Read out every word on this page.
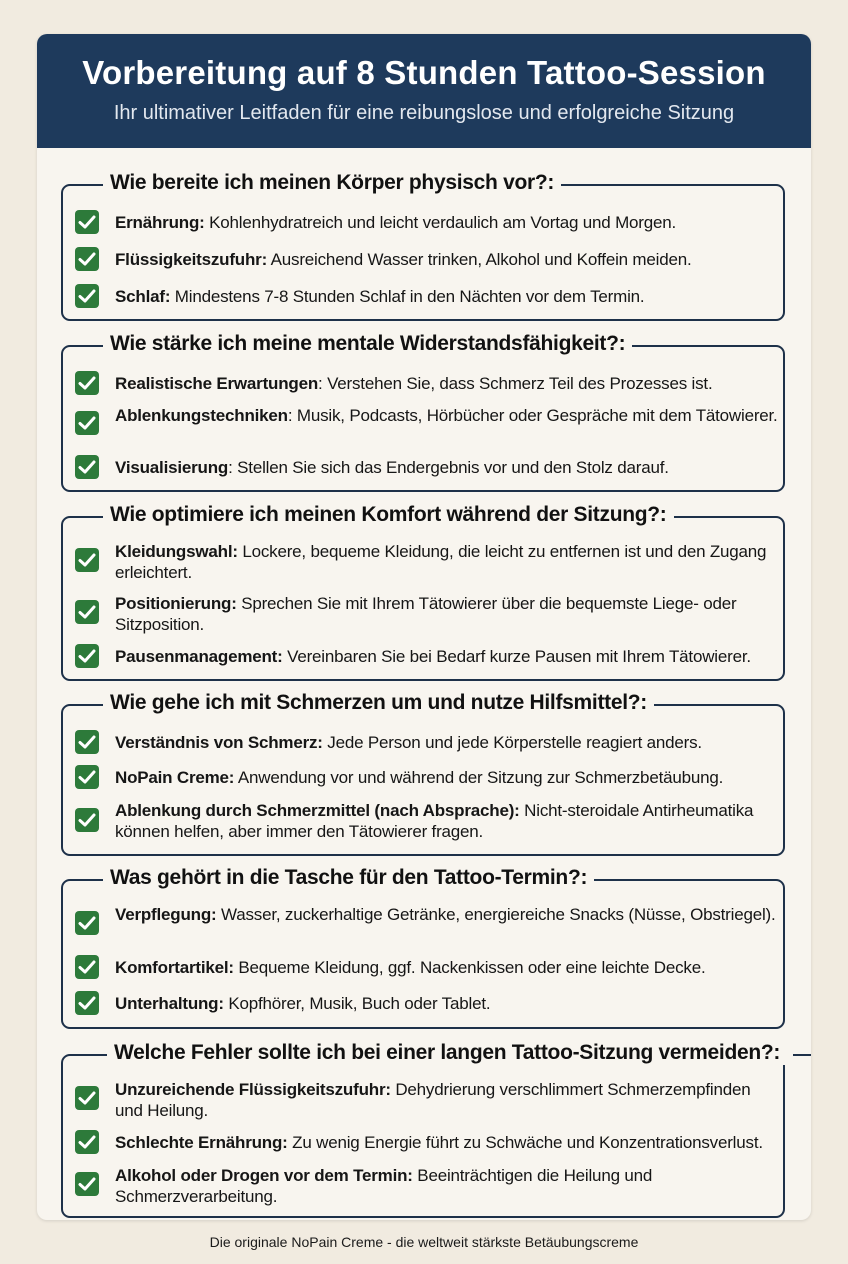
Vorbereitung auf 8 Stunden Tattoo-Session
Ihr ultimativer Leitfaden für eine reibungslose und erfolgreiche Sitzung
Wie bereite ich meinen Körper physisch vor?:
Ernährung: Kohlenhydratreich und leicht verdaulich am Vortag und Morgen.
Flüssigkeitszufuhr: Ausreichend Wasser trinken, Alkohol und Koffein meiden.
Schlaf: Mindestens 7-8 Stunden Schlaf in den Nächten vor dem Termin.
Wie stärke ich meine mentale Widerstandsfähigkeit?:
Realistische Erwartungen: Verstehen Sie, dass Schmerz Teil des Prozesses ist.
Ablenkungstechniken: Musik, Podcasts, Hörbücher oder Gespräche mit dem Tätowierer.
Visualisierung: Stellen Sie sich das Endergebnis vor und den Stolz darauf.
Wie optimiere ich meinen Komfort während der Sitzung?:
Kleidungswahl: Lockere, bequeme Kleidung, die leicht zu entfernen ist und den Zugang erleichtert.
Positionierung: Sprechen Sie mit Ihrem Tätowierer über die bequemste Liege- oder Sitzposition.
Pausenmanagement: Vereinbaren Sie bei Bedarf kurze Pausen mit Ihrem Tätowierer.
Wie gehe ich mit Schmerzen um und nutze Hilfsmittel?:
Verständnis von Schmerz: Jede Person und jede Körperstelle reagiert anders.
NoPain Creme: Anwendung vor und während der Sitzung zur Schmerzbetäubung.
Ablenkung durch Schmerzmittel (nach Absprache): Nicht-steroidale Antirheumatika können helfen, aber immer den Tätowierer fragen.
Was gehört in die Tasche für den Tattoo-Termin?:
Verpflegung: Wasser, zuckerhaltige Getränke, energiereiche Snacks (Nüsse, Obstriegel).
Komfortartikel: Bequeme Kleidung, ggf. Nackenkissen oder eine leichte Decke.
Unterhaltung: Kopfhörer, Musik, Buch oder Tablet.
Welche Fehler sollte ich bei einer langen Tattoo-Sitzung vermeiden?:
Unzureichende Flüssigkeitszufuhr: Dehydrierung verschlimmert Schmerzempfinden und Heilung.
Schlechte Ernährung: Zu wenig Energie führt zu Schwäche und Konzentrationsverlust.
Alkohol oder Drogen vor dem Termin: Beeinträchtigen die Heilung und Schmerzverarbeitung.
Die originale NoPain Creme - die weltweit stärkste Betäubungscreme
